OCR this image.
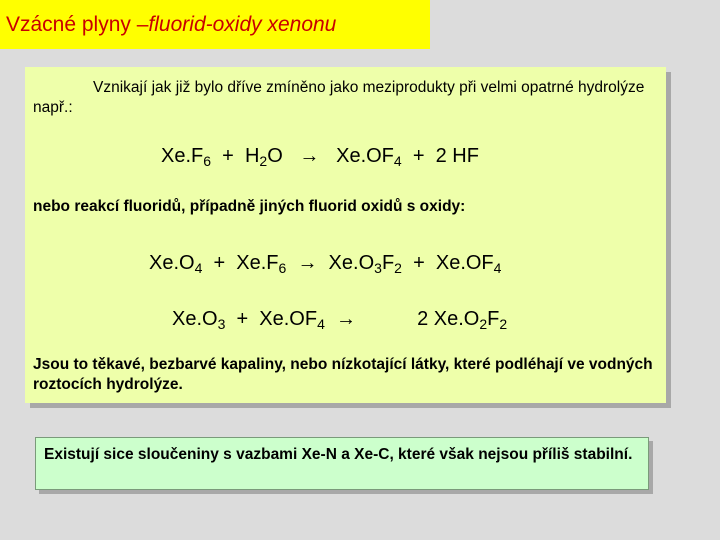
Vzácné plyny – fluorid-oxidy xenonu
Vznikají jak již bylo dříve zmíněno jako meziprodukty při velmi opatrné hydrolýze např.:
$Xe.F_6 + H_2O \to Xe.OF_4 + 2$ HF
nebo reakcí fluoridů, případně jiných fluorid oxidů s oxidy:
$Xe.O_4 + Xe.F_6 \to Xe.O_3F_2 + Xe.OF_4$
$Xe.O_3 + Xe.OF_4$  →           2 $Xe.O_2F_2$
Jsou to těkavé, bezbarvé kapaliny, nebo nízkotající látky, které podléhají ve vodných roztocích hydrolýze.
Existují sice sloučeniny s vazbami Xe-N a Xe-C, které však nejsou příliš stabilní.
